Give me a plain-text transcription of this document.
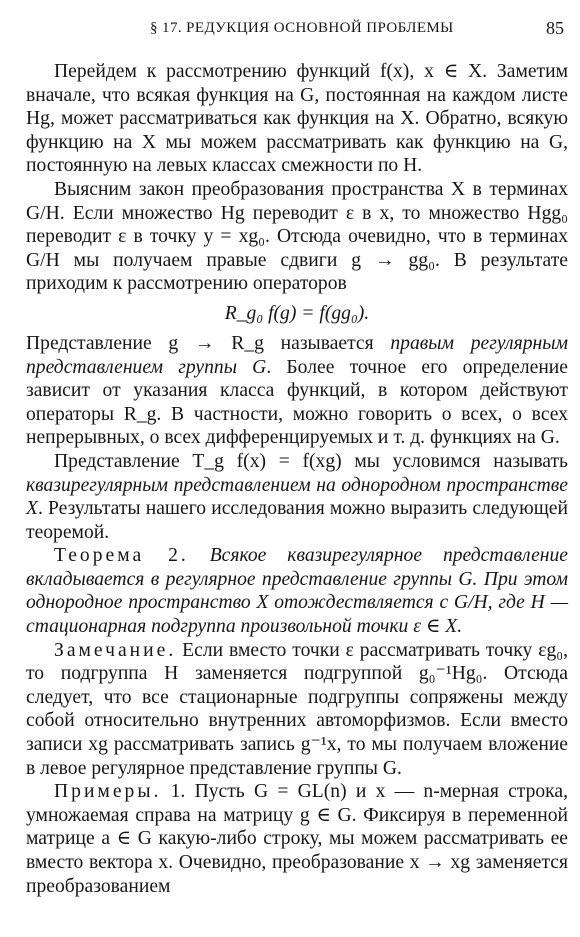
§ 17. РЕДУКЦИЯ ОСНОВНОЙ ПРОБЛЕМЫ	85

Перейдем к рассмотрению функций f(x), x ∈ X. Заметим вначале, что всякая функция на G, постоянная на каждом листе Hg, может рассматриваться как функция на X. Обратно, всякую функцию на X мы можем рассматривать как функцию на G, постоянную на левых классах смежности по H.

Выясним закон преобразования пространства X в терминах G/H. Если множество Hg переводит ε в x, то множество Hgg₀ переводит ε в точку y = xg₀. Отсюда очевидно, что в терминах G/H мы получаем правые сдвиги g → gg₀. В результате приходим к рассмотрению операторов

R_g₀ f(g) = f(gg₀).

Представление g → R_g называется правым регулярным представлением группы G. Более точное его определение зависит от указания класса функций, в котором действуют операторы R_g. В частности, можно говорить о всех, о всех непрерывных, о всех дифференцируемых и т. д. функциях на G.

Представление T_g f(x) = f(xg) мы условимся называть квазирегулярным представлением на однородном пространстве X. Результаты нашего исследования можно выразить следующей теоремой.

Теорема 2. Всякое квазирегулярное представление вкладывается в регулярное представление группы G. При этом однородное пространство X отождествляется с G/H, где H — стационарная подгруппа произвольной точки ε ∈ X.

Замечание. Если вместо точки ε рассматривать точку εg₀, то подгруппа H заменяется подгруппой g₀⁻¹Hg₀. Отсюда следует, что все стационарные подгруппы сопряжены между собой относительно внутренних автоморфизмов. Если вместо записи xg рассматривать запись g⁻¹x, то мы получаем вложение в левое регулярное представление группы G.

Примеры. 1. Пусть G = GL(n) и x — n-мерная строка, умножаемая справа на матрицу g ∈ G. Фиксируя в переменной матрице a ∈ G какую-либо строку, мы можем рассматривать ее вместо вектора x. Очевидно, преобразование x → xg заменяется преобразованием
